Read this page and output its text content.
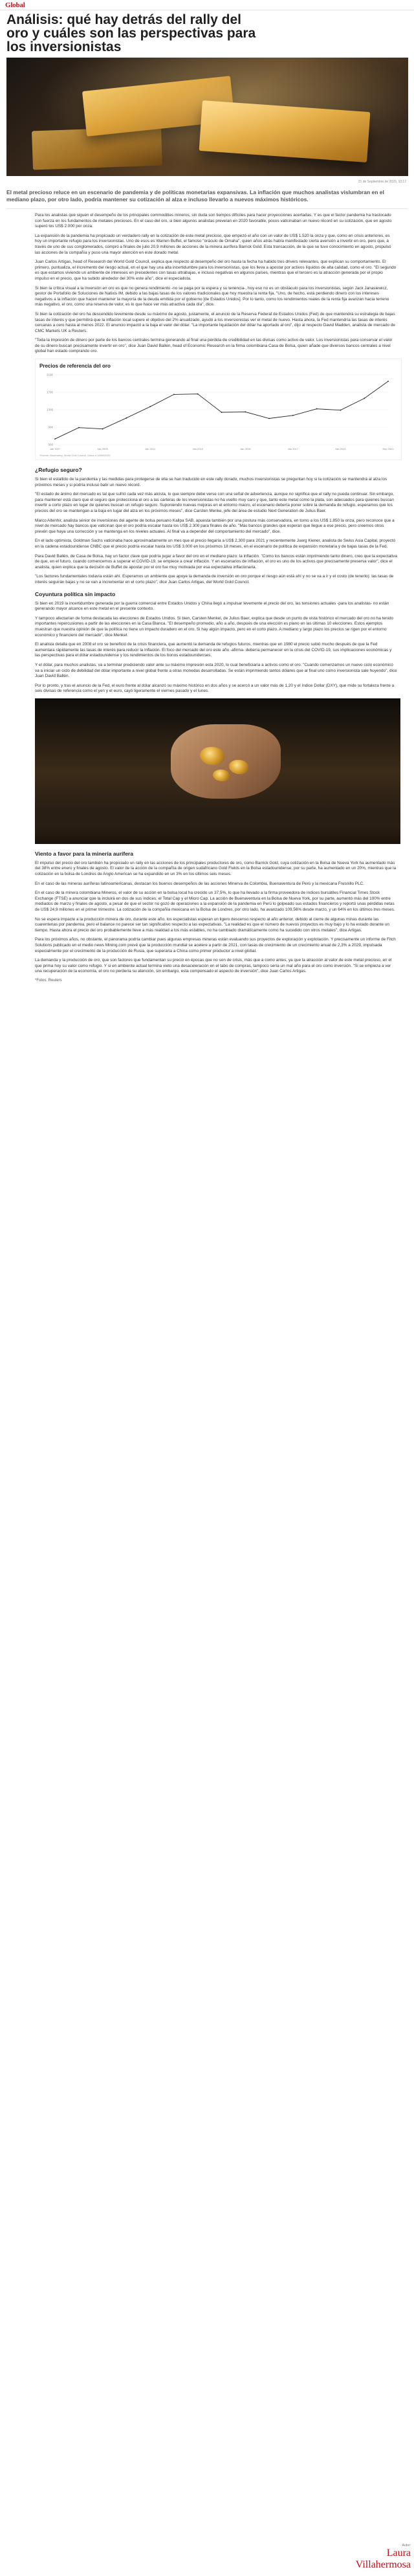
Global
Análisis: qué hay detrás del rally del oro y cuáles son las perspectivas para los inversionistas
21 de Septiembre de 2020, 10:17
El metal precioso reluce en un escenario de pandemia y de políticas monetarias expansivas. La inflación que muchos analistas vislumbran en el mediano plazo, por otro lado, podría mantener su cotización al alza e incluso llevarlo a nuevos máximos históricos.

Para los analistas que siguen el desempeño de los principales commodities mineros, sin duda son tiempos difíciles para hacer proyecciones acertadas. Y es que el factor pandemia ha trastocado con fuerza en los fundamentos de metales preciosos. En el caso del oro, si bien algunos analistas preveían en 2020 favorable, pocos vaticinaban un nuevo récord en su cotización, que en agosto superó los US$ 2.000 por onza.

La expansión de la pandemia ha propiciado un verdadero rally en la cotización de este metal precioso, que empezó el año con un valor de US$ 1.520 la onza y que, como en crisis anteriores, es hoy un importante refugio para los inversionistas. Uno de esos es Warren Buffet, el famoso "oráculo de Omaha", quien años atrás había manifestado cierta aversión a invertir en oro, pero que, a través de uno de sus conglomerados, compró a finales de julio 20,9 millones de acciones de la minera aurífera Barrick Gold. Esta transacción, de la que se tuvo conocimiento en agosto, propulsó las acciones de la compañía y puso una mayor atención en este dorado metal.

Juan Carlos Artigas, head of Research del World Gold Council, explica que respecto al desempeño del oro hasta la fecha ha habido tres drivers relevantes, que explican su comportamiento. El primero, puntualiza, el incremento del riesgo actual, en el que hay una alta incertidumbre para los inversionistas, que los lleva a apostar por activos líquidos de alta calidad, como el oro. "El segundo es que estamos viviendo un ambiente de intereses en precedentes con tasas ultrabajas, e incluso negativas en algunos países, mientras que el tercero es la atracción generada por el propio impulso en el precio, que ha subido alrededor del 30% este año", dice el especialista.

Si bien la crítica visual a la inversión en oro es que no genera rendimiento -no se paga por la espera y su tenencia-, hoy eso no es un obstáculo para los inversionistas, según Jack Janasiewicz, gestor de Portafolio de Soluciones de Natixis IM, debido a las bajas tasas de los valores tradicionales que hoy muestra la renta fija. "Uno, de hecho, está perdiendo dinero con los intereses negativos a la inflación que hacen mantener la mayoría de la deuda emitida por el gobierno [de Estados Unidos]. Por lo tanto, como los rendimientos reales de la renta fija avanzan hacia terreno más negativo, el oro, como una reserva de valor, es lo que hace ver más atractiva cada día", dice.

Si bien la cotización del oro ha descendido levemente desde su máximo de agosto, justamente, el anuncio de la Reserva Federal de Estados Unidos (Fed) de que mantendrá su estrategia de bajas tasas de interés y que permitirá que la inflación local supere el objetivo del 2% anualizado, ayudó a los inversionistas ver el metal de nuevo. Hasta ahora, la Fed mantendría las tasas de interés cercanas a cero hasta al menos 2022. El anuncio impactó a la baja el valor del dólar. "La importante liquidación del dólar ha aportado al oro", dijo al respecto David Madden, analista de mercado de CMC Markets UK a Reuters.

"Toda la impresión de dinero por parte de los bancos centrales termina generando al final una pérdida de credibilidad en las divisas como activo de valor. Los inversionistas para conservar el valor de su dinero buscan precisamente invertir en oro", dice Juan David Ballén, head of Economic Research en la firma colombiana Casa de Bolsa, quien añade que diversos bancos centrales a nivel global han estado comprando oro.

Precios de referencia del oro
500
900
1300
1700
2100
Jan 2007	Jan 2009	Jan 2011	Jan 2013	Jan 2015	Jan 2017	Jan 2019	Sep 2020
*Fuente: Bloomberg, World Gold Council. Datos a 18/09/2020
¿Refugio seguro?

Si bien el estallido de la pandemia y las medidas para protegerse de ella se han traducido en este rally dorado, muchos inversionistas se preguntan hoy si la cotización se mantendrá al alza los próximos meses y si podría incluso batir un nuevo récord.

"El estado de ánimo del mercado es tal que sufrió cada vez más alcista, lo que siempre debe verse con una señal de advertencia, aunque no significa que el rally no pueda continuar. Sin embargo, para mantener está claro que el seguro que protecciona el oro a las carteras de los inversionistas no ha vuelto muy caro y que, tanto este metal como la plata, son adecuados para quienes buscan invertir a corto plazo en lugar de quienes buscan un refugio seguro. Suponiendo nuevas mejoras en el entorno macro, el escenario debería poner sobre la demanda de refugio, esperamos que los precios del oro se mantengan a la baja en lugar del alza en los próximos meses", dice Carsten Menke, jefe del área de estudio Next Generation de Julius Baer.

Marco Altenhir, analista sénior de inversiones del agente de bolsa peruano Kallpa SAB, apuesta también por una postura más conservadora, en torno a los US$ 1.850 la onza, pero reconoce que a nivel de mercado hay bancos que vaticinan que el oro podría escalar hasta los US$ 2.300 para finales de año. "Más bancos grandes que esperan que llegue a ese precio, pero creemos otros prevén que haya una corrección y se mantenga en los niveles actuales. Al final va a depender del comportamiento del mercado", dice.

En el lado optimista, Goldman Sachs vaticinaba hace aproximadamente un mes que el precio llegaría a US$ 2.300 para 2021 y recientemente Juerg Kiener, analista de Swiss Asia Capital, proyectó en la cadena estadounidense CNBC que el precio podría escalar hasta los US$ 3.000 en los próximos 18 meses, en el escenario de política de expansión monetaria y de bajas tasas de la Fed.

Para David Ballén, de Casa de Bolsa, hay un factor clave que podría jugar a favor del oro en el mediano plazo: la inflación. "Como los bancos están imprimiendo tanto dinero, creo que la expectativa de que, en el futuro, cuando comencemos a superar el COVID-19, se empiece a crear inflación. Y en escenarios de inflación, el oro es uno de los activos que precisamente preserva valor", dice el analista, quien explica que la decisión de Buffet de apostar por el oro fue muy motivada por esa expectativa inflacionaria.

"Los factores fundamentales todavía están ahí. Esperamos un ambiente que apoye la demanda de inversión en oro porque el riesgo aún está ahí y no se va a ir y el costo (de tenerlo): las tasas de interés seguirán bajas y no se van a incrementar en el corto plazo", dice Juan Carlos Artigas, del World Gold Council.

Coyuntura política sin impacto

Si bien en 2019 la incertidumbre generada por la guerra comercial entre Estados Unidos y China llegó a impulsar levemente el precio del oro, las tensiones actuales -para los analistas- no están generando mayor alcance en este metal en el presente contexto.

Y tampoco afectarían de forma destacada las elecciones de Estados Unidos. Si bien, Carsten Menkel, de Julius Baer, explica que desde un punto de vista histórico el mercado del oro no ha tenido importantes repercusiones a partir de las elecciones en la Casa Blanca. "El desempeño promedio, año a año, después de una elección es plano en las últimas 10 elecciones. Estos ejemplos muestran que nuestra opinión de que la política no tiene un impacto duradero en el oro. Si hay algún impacto, pero en el corto plazo. A mediano y largo plazo los precios se rigen por el entorno económico y financiero del mercado", dice Menkel.

El analista detalla que en 2008 el oro se benefició de la crisis financiera, que aumentó la demanda de refugios futuros, mientras que en 1980 el precio subió mucho después de que la Fed aumentara rápidamente las tasas de interés para reducir la inflación. El foco del mercado del oro este año -afirma- debería permanecer en la crisis del COVID-19, sus implicaciones económicas y las perspectivas para el dólar estadounidense y los rendimientos de los bonos estadounidenses.

Y el dólar, para muchos analistas, va a terminar prediciendo valor ante su máximo impresión esta 2020, lo cual beneficiaría a activos como el oro. "Cuando comenzamos un nuevo ciclo económico va a iniciar un ciclo de debilidad del dólar importante a nivel global frente a otras monedas desarrolladas. Se están imprimiendo tantos dólares que al final uno como inversionista sale huyendo", dice Juan David Ballén.

Por lo pronto, y tras el anuncio de la Fed, el euro frente al dólar alcanzó su máximo histórico en dos años y se acercó a un valor más de 1,20 y el índice Dollar (DXY), que mide su fortaleza frente a seis divisas de referencia como el yen y el euro, cayó ligeramente el viernes pasado y el lunes.

Viento a favor para la minería aurífera

El impulso del precio del oro también ha propiciado un rally en las acciones de los principales productores de oro, como Barrick Gold, cuya cotización en la Bolsa de Nueva York ha aumentado más del 38% entre enero y finales de agosto. El valor de la acción de la compañía de origen sudafricano Gold Fields en la Bolsa estadounidense, por su parte, ha aumentado en un 20%, mientras que la cotización en la bolsa de Londres de Anglo American se ha expandido en un 3% en los últimos seis meses.

En el caso de las mineras auríferas latinoamericanas, destacan los buenos desempeños de las acciones Minerva de Colombia, Buenaventura de Perú y la mexicana Fresnillo PLC.

En el caso de la minera colombiana Mineros, el valor de su acción en la bolsa local ha crecido un 37,5%, lo que ha llevado a la firma proveedora de índices bursátiles Financial Times Stock Exchange (FTSE) a anunciar que la incluirá en dos de sus índices: el Total Cap y el Micro Cap. La acción de Buenaventura en la Bolsa de Nueva York, por su parte, aumentó más del 100% entre mediados de marzo y finales de agosto, a pesar de que el sector no gozó de operaciones a la expansión de la pandemia en Perú lo golpeado sus estados financieros y reportó unas pérdidas netas de US$ 24,9 millones en el primer trimestre. La cotización de la compañía mexicana en la Bolsa de Londres, por otro lado, ha avanzado 109,56% desde marzo, y un 64% en los últimos tres meses.

No se espera impacte a la producción minera de oro, durante este año, los especialistas esperan un ligero descenso respecto al año anterior, debido al cierre de algunas minas durante las cuarentenas por pandemia, pero el balance no parece ser tan significativo respecto a las expectativas. "La realidad es que el número de nuevos proyectos es muy bajo y lo ha estado durante un tiempo. Hasta ahora el precio del oro probablemente lleve a más realidad a los más estables, no ha cambiado dramáticamente como ha sucedido con otros metales", dice Artigas.

Para los próximos años, no obstante, el panorama podría cambiar pues algunas empresas mineras están evaluando sus proyectos de exploración y explotación. Y precisamente un informe de Fitch Solutions publicado en el medio news Mining.com prevé que la producción mundial se acelere a partir de 2021, con tasas de crecimiento de un crecimiento anual de 2,3% a 2029, impulsada especialmente por el crecimiento de la producción de Rusia, que superaría a China como primer productor a nivel global.

La demanda y la producción de oro, que son factores que fundamentan su precio en épocas que no son de crisis, más que a como antes, ya que la atracción al valor de este metal precioso, en el que prima hoy su valor como refugio. Y si en ambiente actual termina vieto una desaceleración en el tabú de compras, tampoco sería un mal año para el oro como inversión. "Si se empieza a ver una recuperación de la economía, el oro no perdería su atención, sin embargo, esta compensado el aspecto de inversión", dice Juan Carlos Artigas.

*Fotos: Reuters
Autor:
Laura Villahermosa
